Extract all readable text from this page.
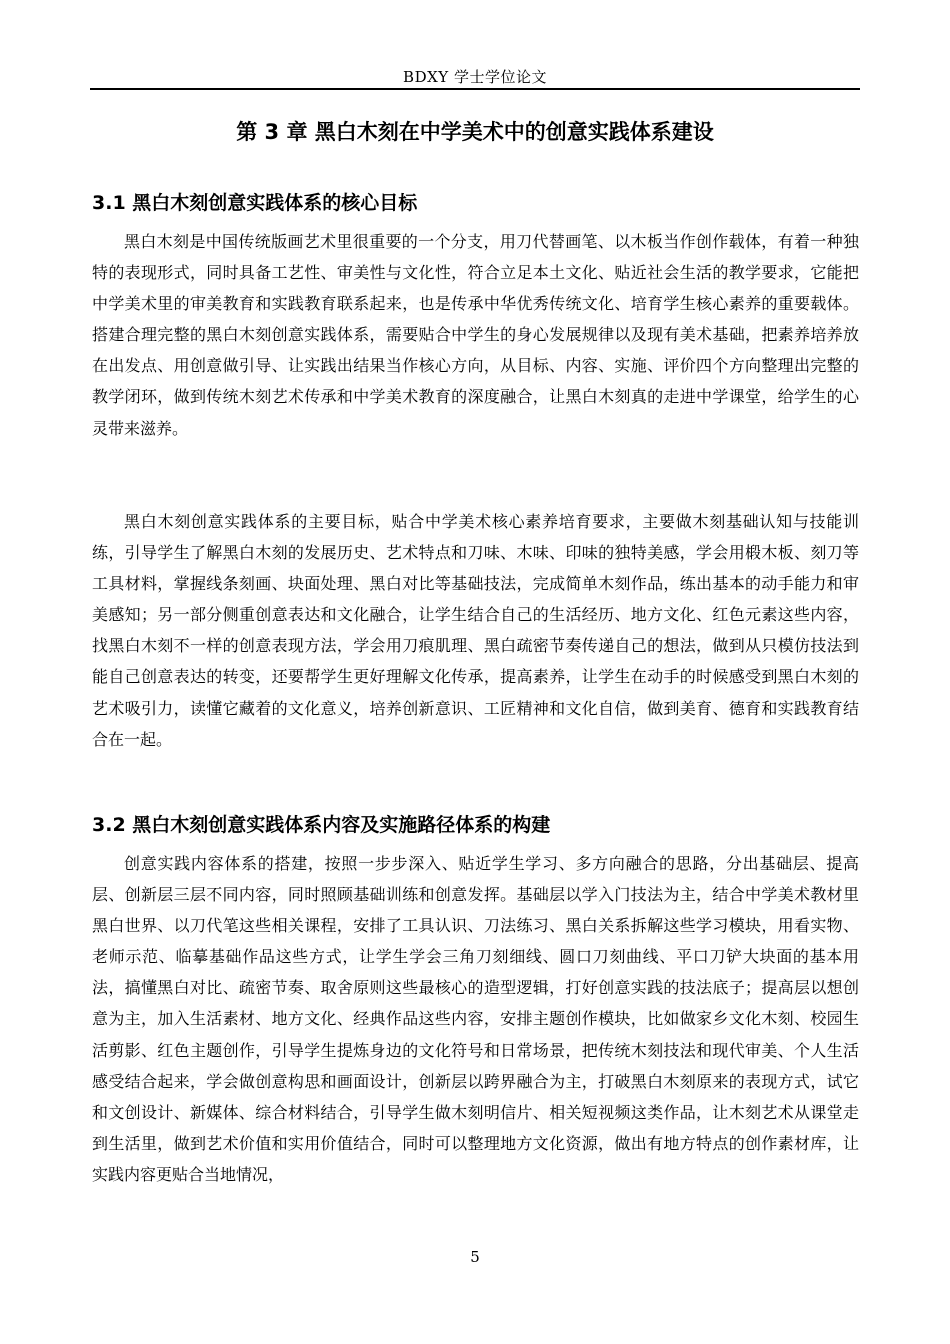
BDXY 学士学位论文
第 3 章 黑白木刻在中学美术中的创意实践体系建设
3.1 黑白木刻创意实践体系的核心目标

黑白木刻是中国传统版画艺术里很重要的一个分支，用刀代替画笔、以木板当作创作载体，有着一种独特的表现形式，同时具备工艺性、审美性与文化性，符合立足本土文化、贴近社会生活的教学要求，它能把中学美术里的审美教育和实践教育联系起来，也是传承中华优秀传统文化、培育学生核心素养的重要载体。搭建合理完整的黑白木刻创意实践体系，需要贴合中学生的身心发展规律以及现有美术基础，把素养培养放在出发点、用创意做引导、让实践出结果当作核心方向，从目标、内容、实施、评价四个方向整理出完整的教学闭环，做到传统木刻艺术传承和中学美术教育的深度融合，让黑白木刻真的走进中学课堂，给学生的心灵带来滋养。

黑白木刻创意实践体系的主要目标，贴合中学美术核心素养培育要求，主要做木刻基础认知与技能训练，引导学生了解黑白木刻的发展历史、艺术特点和刀味、木味、印味的独特美感，学会用椴木板、刻刀等工具材料，掌握线条刻画、块面处理、黑白对比等基础技法，完成简单木刻作品，练出基本的动手能力和审美感知；另一部分侧重创意表达和文化融合，让学生结合自己的生活经历、地方文化、红色元素这些内容，找黑白木刻不一样的创意表现方法，学会用刀痕肌理、黑白疏密节奏传递自己的想法，做到从只模仿技法到能自己创意表达的转变，还要帮学生更好理解文化传承，提高素养，让学生在动手的时候感受到黑白木刻的艺术吸引力，读懂它藏着的文化意义，培养创新意识、工匠精神和文化自信，做到美育、德育和实践教育结合在一起。

3.2 黑白木刻创意实践体系内容及实施路径体系的构建

创意实践内容体系的搭建，按照一步步深入、贴近学生学习、多方向融合的思路，分出基础层、提高层、创新层三层不同内容，同时照顾基础训练和创意发挥。基础层以学入门技法为主，结合中学美术教材里黑白世界、以刀代笔这些相关课程，安排了工具认识、刀法练习、黑白关系拆解这些学习模块，用看实物、老师示范、临摹基础作品这些方式，让学生学会三角刀刻细线、圆口刀刻曲线、平口刀铲大块面的基本用法，搞懂黑白对比、疏密节奏、取舍原则这些最核心的造型逻辑，打好创意实践的技法底子；提高层以想创意为主，加入生活素材、地方文化、经典作品这些内容，安排主题创作模块，比如做家乡文化木刻、校园生活剪影、红色主题创作，引导学生提炼身边的文化符号和日常场景，把传统木刻技法和现代审美、个人生活感受结合起来，学会做创意构思和画面设计，创新层以跨界融合为主，打破黑白木刻原来的表现方式，试它和文创设计、新媒体、综合材料结合，引导学生做木刻明信片、相关短视频这类作品，让木刻艺术从课堂走到生活里，做到艺术价值和实用价值结合，同时可以整理地方文化资源，做出有地方特点的创作素材库，让实践内容更贴合当地情况，

5
